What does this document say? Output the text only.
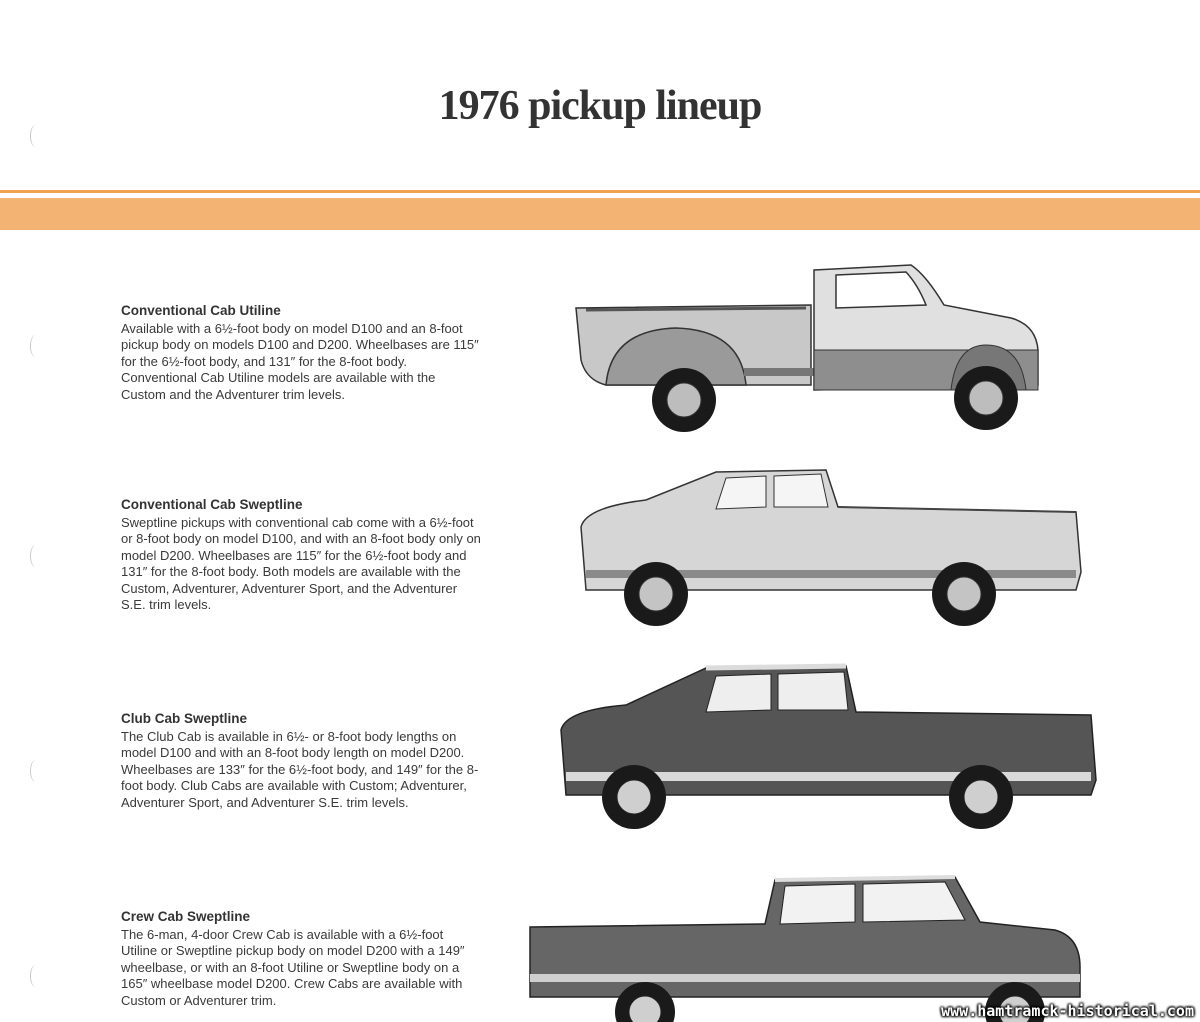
1976 pickup lineup
Conventional Cab Utiline

Available with a 6½-foot body on model D100 and an 8-foot pickup body on models D100 and D200. Wheelbases are 115″ for the 6½-foot body, and 131″ for the 8-foot body. Conventional Cab Utiline models are available with the Custom and the Adventurer trim levels.

Conventional Cab Sweptline

Sweptline pickups with conventional cab come with a 6½-foot or 8-foot body on model D100, and with an 8-foot body only on model D200. Wheelbases are 115″ for the 6½-foot body and 131″ for the 8-foot body. Both models are available with the Custom, Adventurer, Adventurer Sport, and the Adventurer S.E. trim levels.

Club Cab Sweptline

The Club Cab is available in 6½- or 8-foot body lengths on model D100 and with an 8-foot body length on model D200. Wheelbases are 133″ for the 6½-foot body, and 149″ for the 8-foot body. Club Cabs are available with Custom; Adventurer, Adventurer Sport, and Adventurer S.E. trim levels.

Crew Cab Sweptline

The 6-man, 4-door Crew Cab is available with a 6½-foot Utiline or Sweptline pickup body on model D200 with a 149″ wheelbase, or with an 8-foot Utiline or Sweptline body on a 165″ wheelbase model D200. Crew Cabs are available with Custom or Adventurer trim.

www.hamtramck-historical.com
